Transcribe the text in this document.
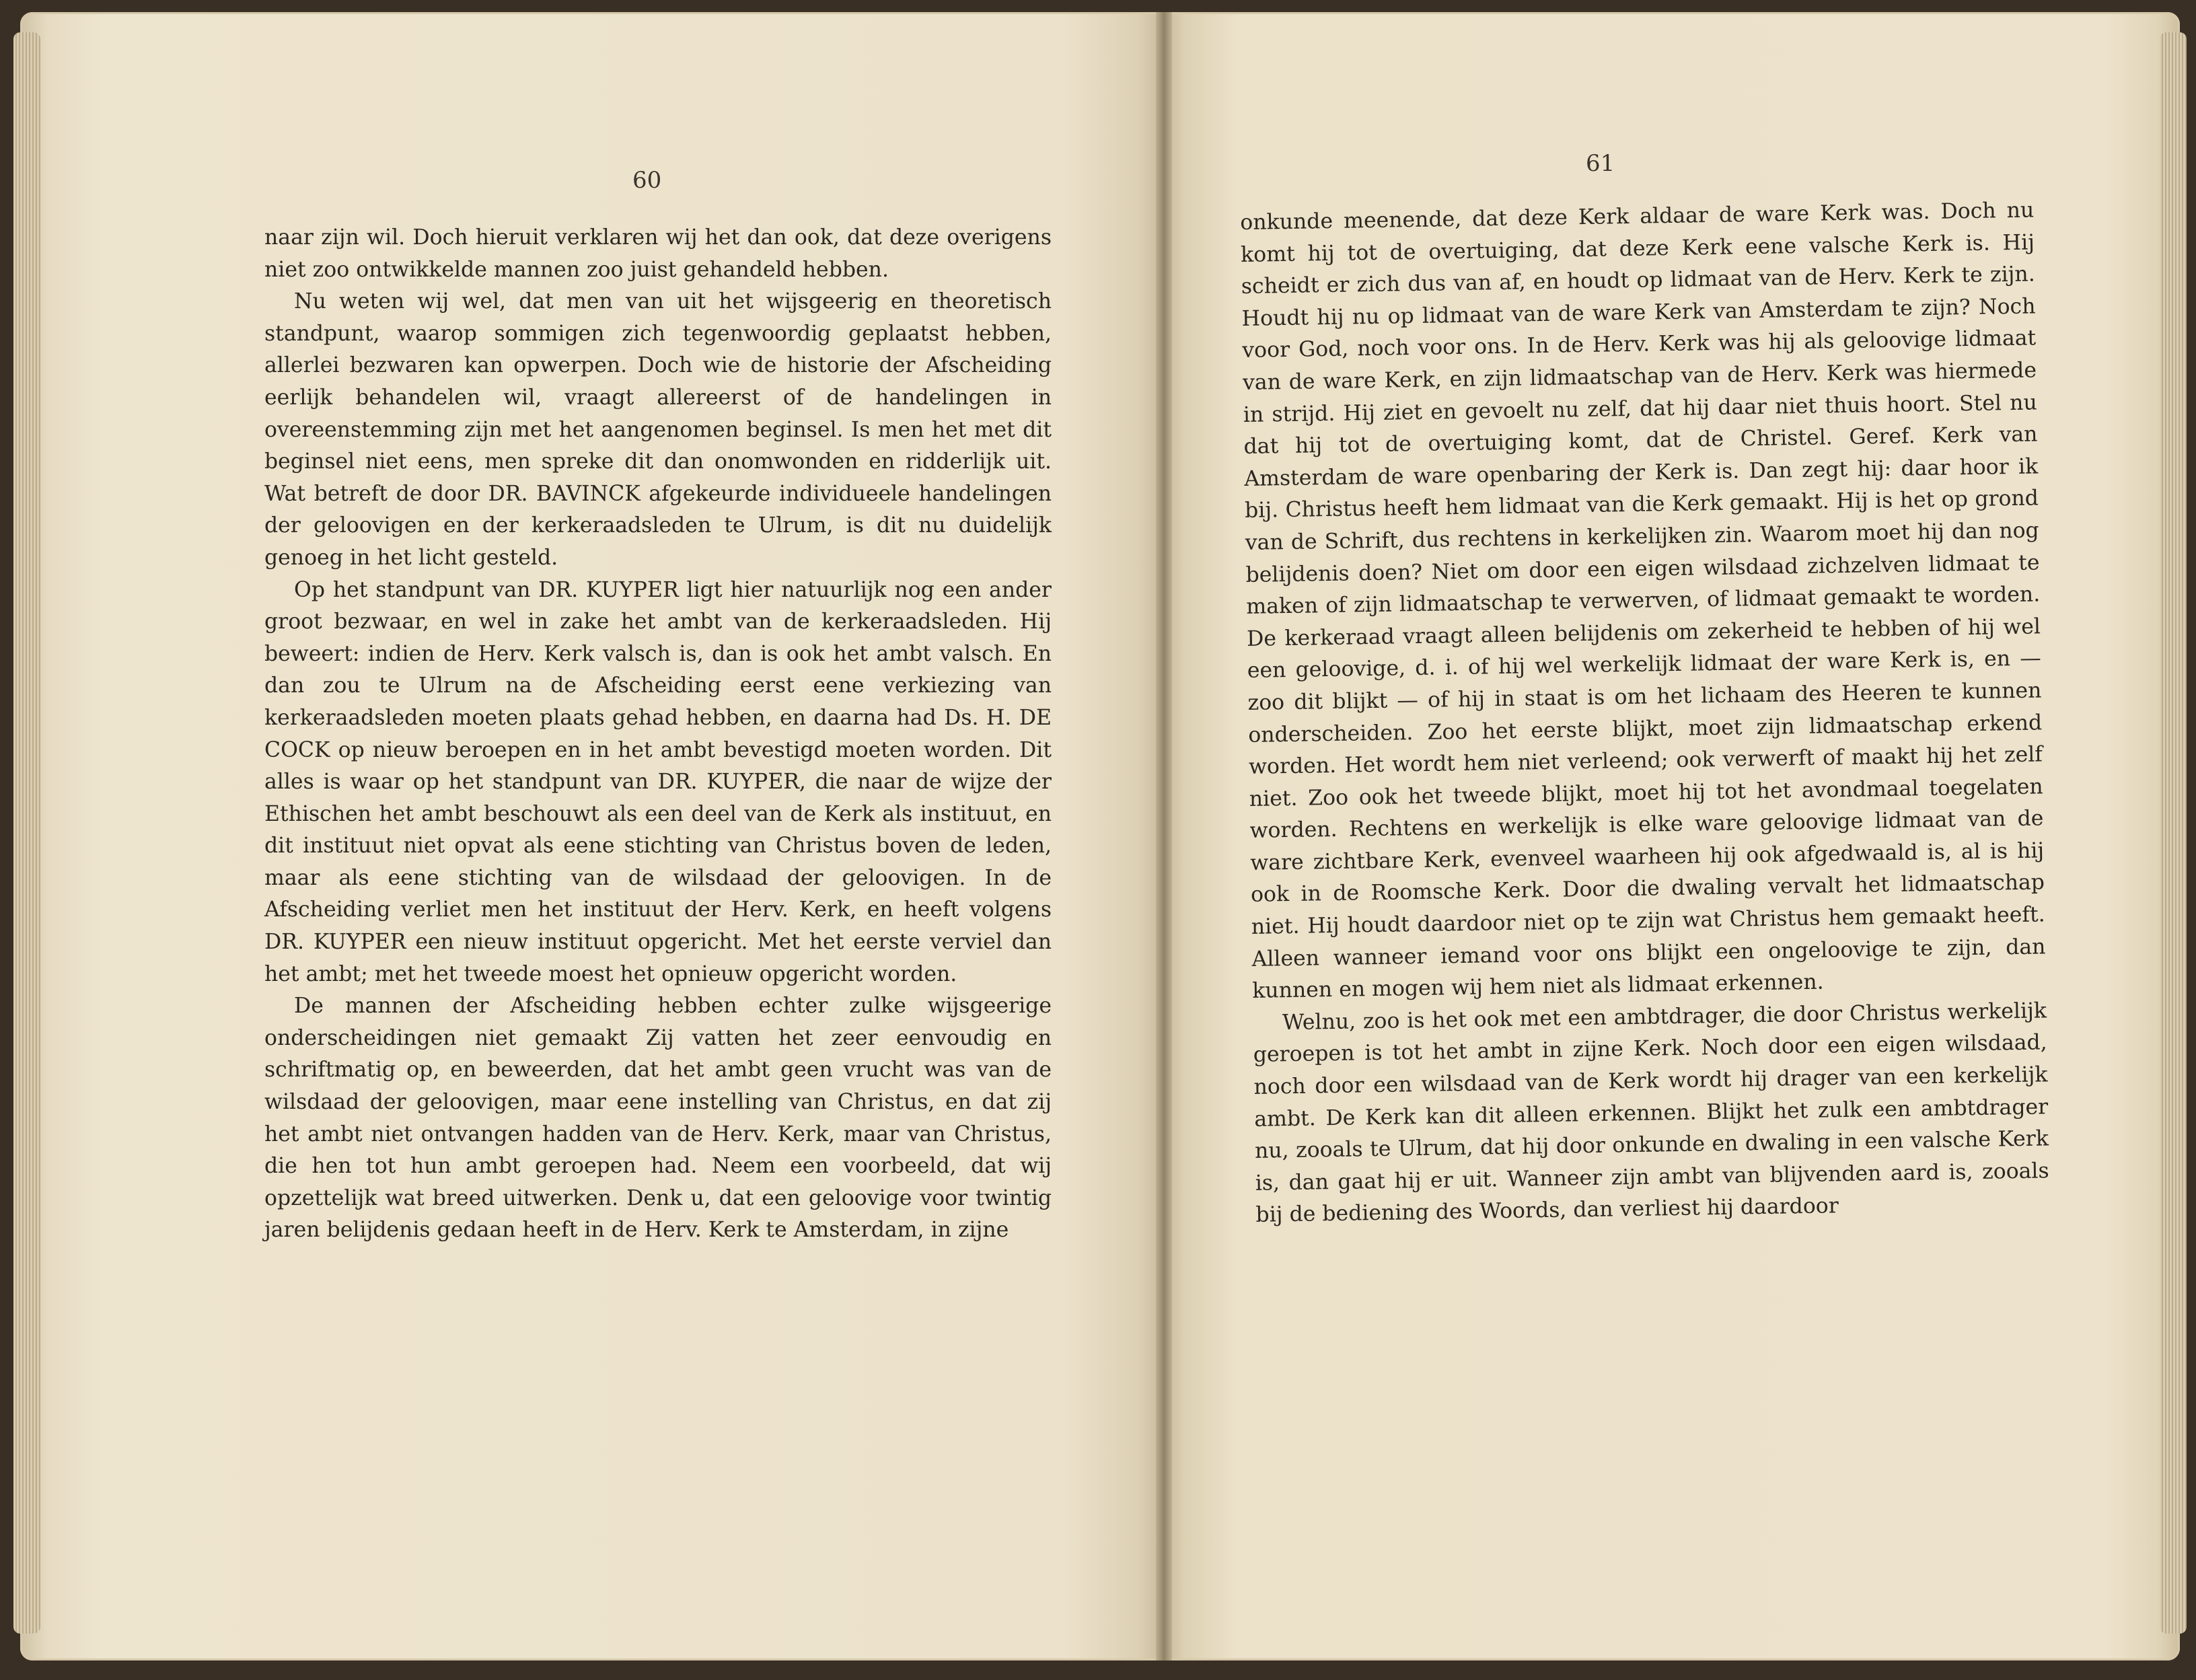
60

naar zijn wil. Doch hieruit verklaren wij het dan ook, dat deze overigens niet zoo ontwikkelde mannen zoo juist gehandeld hebben.

Nu weten wij wel, dat men van uit het wijsgeerig en theoretisch standpunt, waarop sommigen zich tegenwoordig geplaatst hebben, allerlei bezwaren kan opwerpen. Doch wie de historie der Afscheiding eerlijk behandelen wil, vraagt allereerst of de handelingen in overeenstemming zijn met het aangenomen beginsel. Is men het met dit beginsel niet eens, men spreke dit dan onomwonden en ridderlijk uit. Wat betreft de door DR. BAVINCK afgekeurde individueele handelingen der geloovigen en der kerkeraadsleden te Ulrum, is dit nu duidelijk genoeg in het licht gesteld.

Op het standpunt van DR. KUYPER ligt hier natuurlijk nog een ander groot bezwaar, en wel in zake het ambt van de kerkeraadsleden. Hij beweert: indien de Herv. Kerk valsch is, dan is ook het ambt valsch. En dan zou te Ulrum na de Afscheiding eerst eene verkiezing van kerkeraadsleden moeten plaats gehad hebben, en daarna had Ds. H. DE COCK op nieuw beroepen en in het ambt bevestigd moeten worden. Dit alles is waar op het standpunt van DR. KUYPER, die naar de wijze der Ethischen het ambt beschouwt als een deel van de Kerk als instituut, en dit instituut niet opvat als eene stichting van Christus boven de leden, maar als eene stichting van de wilsdaad der geloovigen. In de Afscheiding verliet men het instituut der Herv. Kerk, en heeft volgens DR. KUYPER een nieuw instituut opgericht. Met het eerste verviel dan het ambt; met het tweede moest het opnieuw opgericht worden.

De mannen der Afscheiding hebben echter zulke wijsgeerige onderscheidingen niet gemaakt Zij vatten het zeer eenvoudig en schriftmatig op, en beweerden, dat het ambt geen vrucht was van de wilsdaad der geloovigen, maar eene instelling van Christus, en dat zij het ambt niet ontvangen hadden van de Herv. Kerk, maar van Christus, die hen tot hun ambt geroepen had. Neem een voorbeeld, dat wij opzettelijk wat breed uitwerken. Denk u, dat een geloovige voor twintig jaren belijdenis gedaan heeft in de Herv. Kerk te Amsterdam, in zijne

61

onkunde meenende, dat deze Kerk aldaar de ware Kerk was. Doch nu komt hij tot de overtuiging, dat deze Kerk eene valsche Kerk is. Hij scheidt er zich dus van af, en houdt op lidmaat van de Herv. Kerk te zijn. Houdt hij nu op lidmaat van de ware Kerk van Amsterdam te zijn? Noch voor God, noch voor ons. In de Herv. Kerk was hij als geloovige lidmaat van de ware Kerk, en zijn lidmaatschap van de Herv. Kerk was hiermede in strijd. Hij ziet en gevoelt nu zelf, dat hij daar niet thuis hoort. Stel nu dat hij tot de overtuiging komt, dat de Christel. Geref. Kerk van Amsterdam de ware openbaring der Kerk is. Dan zegt hij: daar hoor ik bij. Christus heeft hem lidmaat van die Kerk gemaakt. Hij is het op grond van de Schrift, dus rechtens in kerkelijken zin. Waarom moet hij dan nog belijdenis doen? Niet om door een eigen wilsdaad zichzelven lidmaat te maken of zijn lidmaatschap te verwerven, of lidmaat gemaakt te worden. De kerkeraad vraagt alleen belijdenis om zekerheid te hebben of hij wel een geloovige, d. i. of hij wel werkelijk lidmaat der ware Kerk is, en — zoo dit blijkt — of hij in staat is om het lichaam des Heeren te kunnen onderscheiden. Zoo het eerste blijkt, moet zijn lidmaatschap erkend worden. Het wordt hem niet verleend; ook verwerft of maakt hij het zelf niet. Zoo ook het tweede blijkt, moet hij tot het avondmaal toegelaten worden. Rechtens en werkelijk is elke ware geloovige lidmaat van de ware zichtbare Kerk, evenveel waarheen hij ook afgedwaald is, al is hij ook in de Roomsche Kerk. Door die dwaling vervalt het lidmaatschap niet. Hij houdt daardoor niet op te zijn wat Christus hem gemaakt heeft. Alleen wanneer iemand voor ons blijkt een ongeloovige te zijn, dan kunnen en mogen wij hem niet als lidmaat erkennen.

Welnu, zoo is het ook met een ambtdrager, die door Christus werkelijk geroepen is tot het ambt in zijne Kerk. Noch door een eigen wilsdaad, noch door een wilsdaad van de Kerk wordt hij drager van een kerkelijk ambt. De Kerk kan dit alleen erkennen. Blijkt het zulk een ambtdrager nu, zooals te Ulrum, dat hij door onkunde en dwaling in een valsche Kerk is, dan gaat hij er uit. Wanneer zijn ambt van blijvenden aard is, zooals bij de bediening des Woords, dan verliest hij daardoor
